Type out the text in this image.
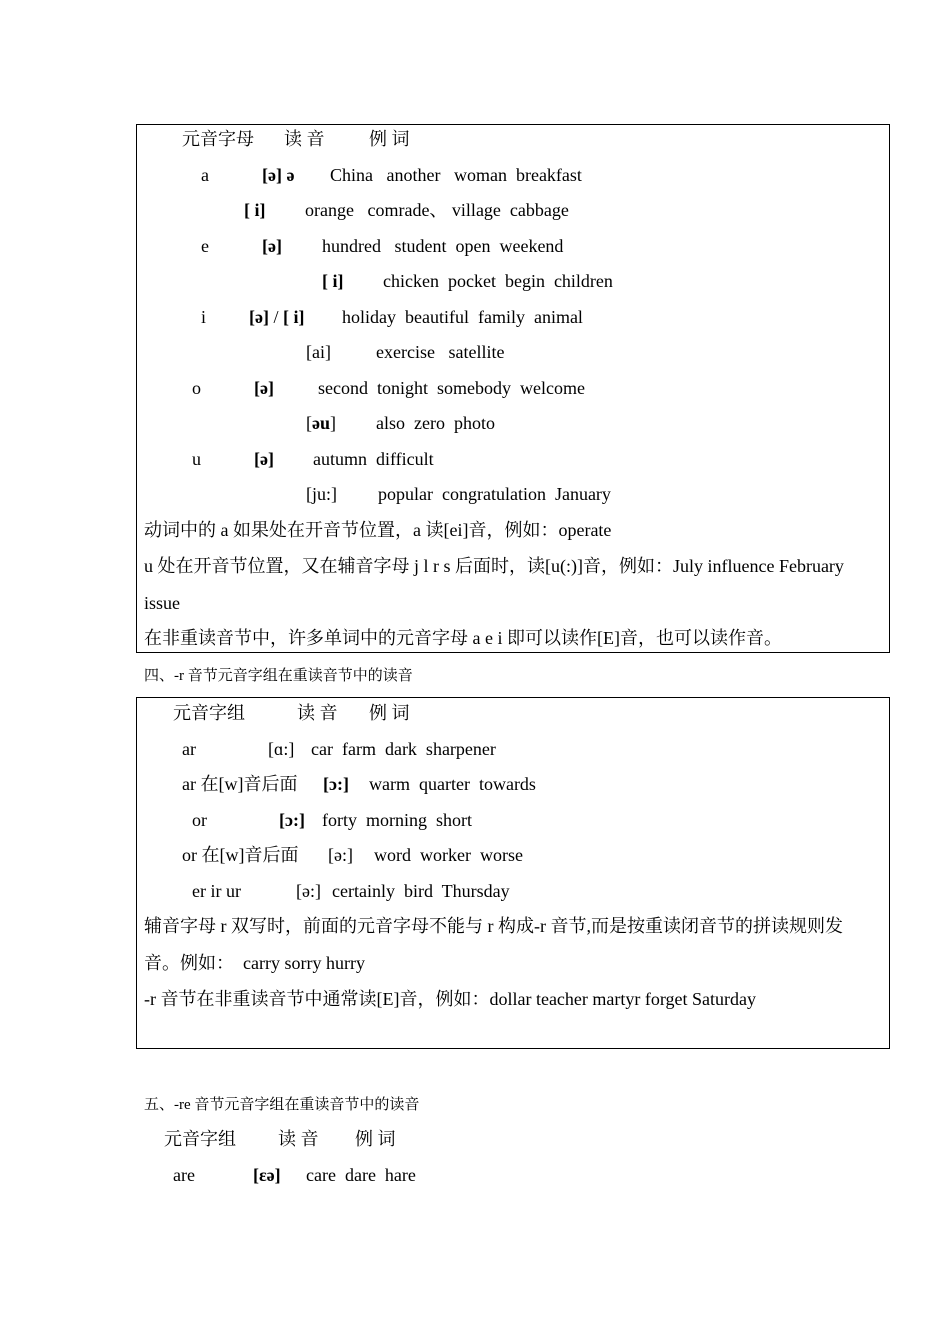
元音字母 读 音 例 词
a	[ə] ə China   another   woman  breakfast
[ i] orange   comrade、 village  cabbage
e	[ə] hundred   student  open  weekend
[ i] chicken  pocket  begin  children
i [ə] / [ i] holiday  beautiful  family  animal
[ai]	exercise   satellite
o	[ə] second  tonight  somebody  welcome
[əu] also  zero  photo
u	[ə] autumn  difficult
[ju:] popular  congratulation  January
动词中的 a 如果处在开音节位置，a 读[ei]音，例如：operate
u 处在开音节位置，又在辅音字母 j l r s 后面时，读[u(:)]音，例如：July influence February
issue
在非重读音节中，许多单词中的元音字母 a e i 即可以读作[E]音，也可以读作音。
四、-r 音节元音字组在重读音节中的读音
元音字组	读 音 例 词
ar	[ɑ:] car  farm  dark  sharpener
ar 在[w]音后面 [ɔ:] warm  quarter  towards
or	[ɔ:] forty  morning  short
or 在[w]音后面 [ə:] word  worker  worse
er ir ur	[ə:] certainly  bird  Thursday
辅音字母 r 双写时，前面的元音字母不能与 r 构成-r 音节,而是按重读闭音节的拼读规则发
音。例如：  carry sorry hurry
-r 音节在非重读音节中通常读[E]音，例如：dollar teacher martyr forget Saturday
五、-re 音节元音字组在重读音节中的读音
元音字组 读 音 例 词
are	[εə] care  dare  hare
